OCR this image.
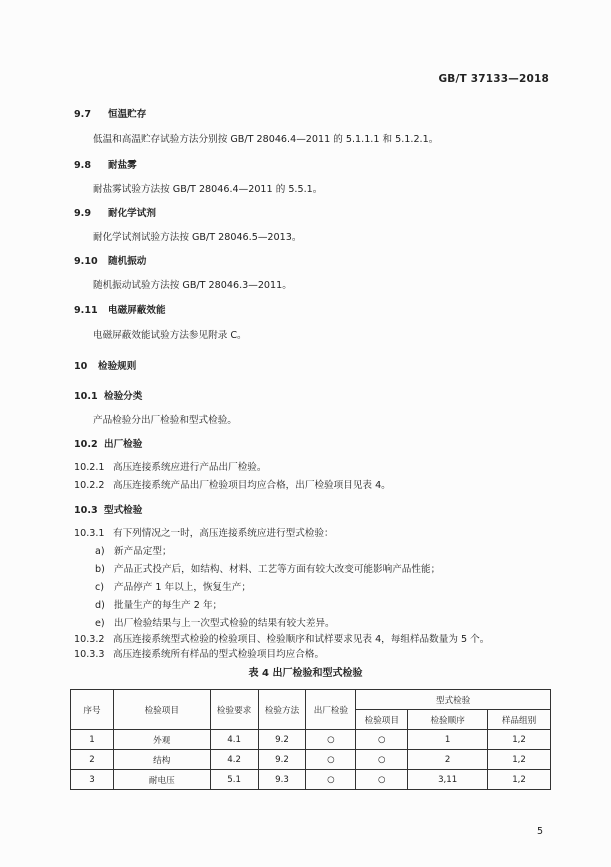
GB/T 37133—2018
9.7 恒温贮存
低温和高温贮存试验方法分别按 GB/T 28046.4—2011 的 5.1.1.1 和 5.1.2.1。
9.8 耐盐雾
耐盐雾试验方法按 GB/T 28046.4—2011 的 5.5.1。
9.9 耐化学试剂
耐化学试剂试验方法按 GB/T 28046.5—2013。
9.10 随机振动
随机振动试验方法按 GB/T 28046.3—2011。
9.11 电磁屏蔽效能
电磁屏蔽效能试验方法参见附录 C。
10 检验规则
10.1 检验分类
产品检验分出厂检验和型式检验。
10.2 出厂检验
10.2.1 高压连接系统应进行产品出厂检验。
10.2.2 高压连接系统产品出厂检验项目均应合格，出厂检验项目见表 4。
10.3 型式检验
10.3.1 有下列情况之一时，高压连接系统应进行型式检验：
a) 新产品定型；
b) 产品正式投产后，如结构、材料、工艺等方面有较大改变可能影响产品性能；
c) 产品停产 1 年以上，恢复生产；
d) 批量生产的每生产 2 年；
e) 出厂检验结果与上一次型式检验的结果有较大差异。
10.3.2 高压连接系统型式检验的检验项目、检验顺序和试样要求见表 4，每组样品数量为 5 个。
10.3.3 高压连接系统所有样品的型式检验项目均应合格。
表 4 出厂检验和型式检验
序号	检验项目	检验要求	检验方法	出厂检验	型式检验		
					检验项目	检验顺序	样品组别
1	外观	4.1	9.2	○	○	1	1,2
2	结构	4.2	9.2	○	○	2	1,2
3	耐电压	5.1	9.3	○	○	3,11	1,2
5
